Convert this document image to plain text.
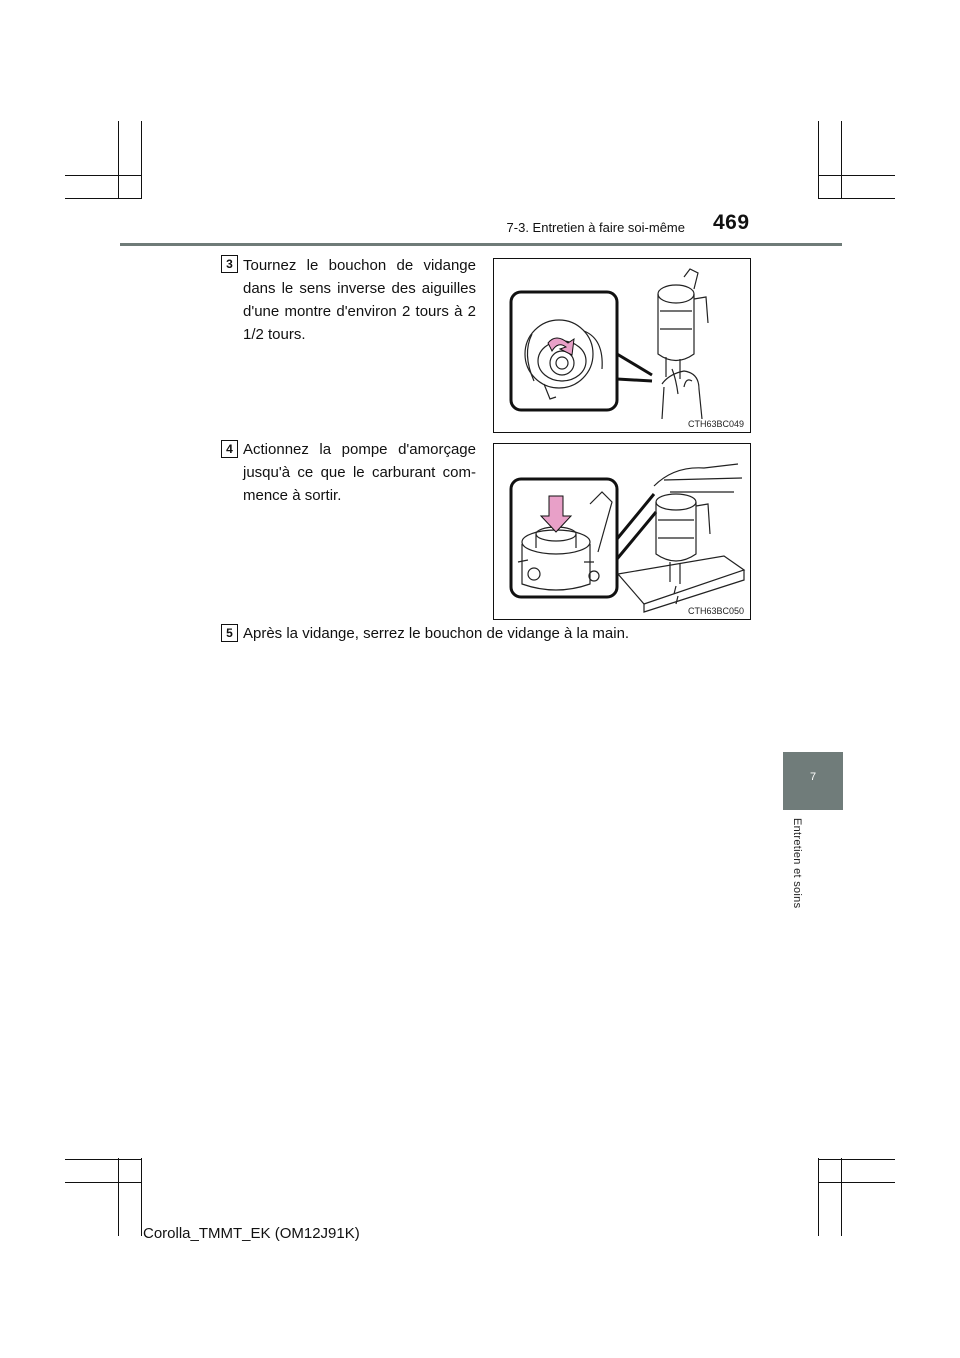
7-3. Entretien à faire soi-même 469
7
Entretien et soins
3 Tournez le bouchon de vidange dans le sens inverse des aiguilles d'une montre d'environ 2 tours à 2 1/2 tours.
CTH63BC049
4 Actionnez la pompe d'amorçage jusqu'à ce que le carburant com-mence à sortir.
CTH63BC050
5 Après la vidange, serrez le bouchon de vidange à la main.
Corolla_TMMT_EK (OM12J91K)
